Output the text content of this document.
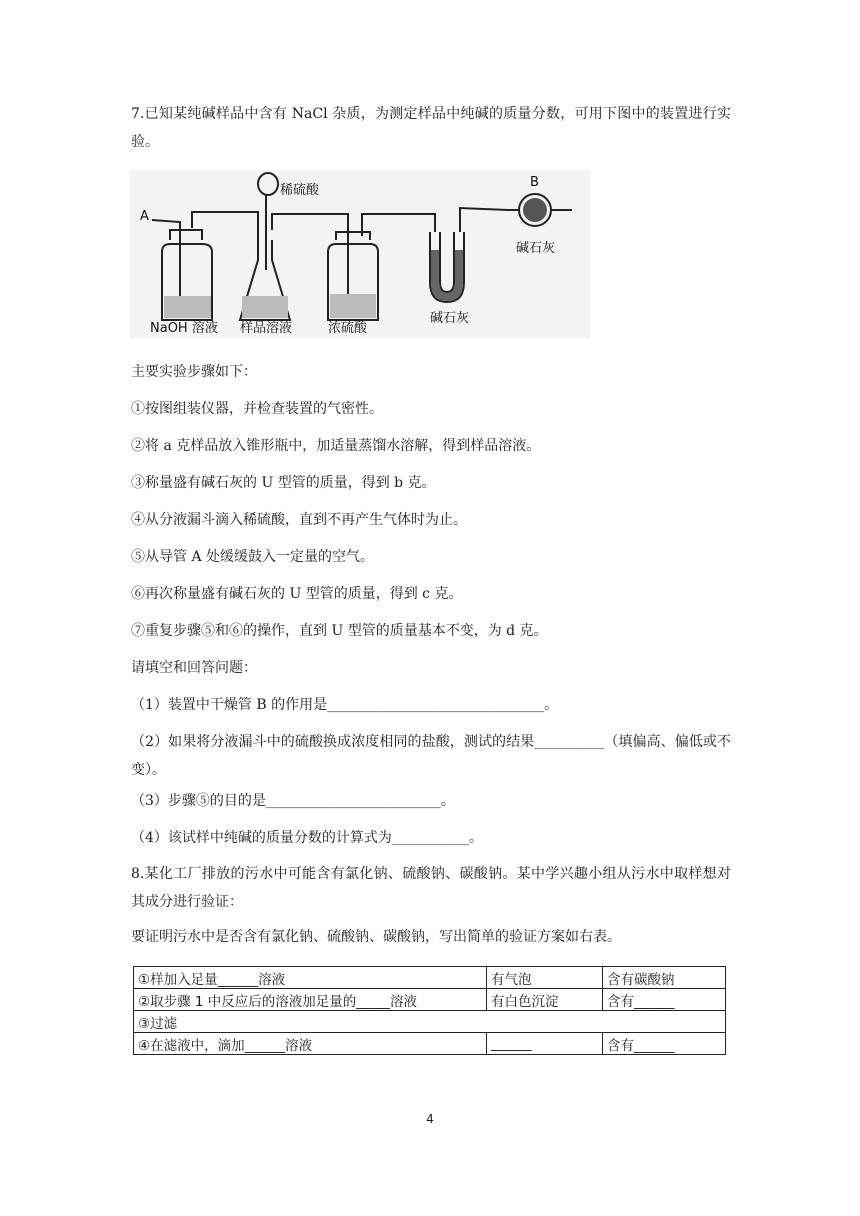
7.已知某纯碱样品中含有 NaCl 杂质，为测定样品中纯碱的质量分数，可用下图中的装置进行实验。

A
稀硫酸
B
碱石灰
NaOH 溶液 样品溶液	浓硫酸
碱石灰

主要实验步骤如下：

①按图组装仪器，并检查装置的气密性。

②将 a 克样品放入锥形瓶中，加适量蒸馏水溶解，得到样品溶液。

③称量盛有碱石灰的 U 型管的质量，得到 b 克。

④从分液漏斗滴入稀硫酸，直到不再产生气体时为止。

⑤从导管 A 处缓缓鼓入一定量的空气。

⑥再次称量盛有碱石灰的 U 型管的质量，得到 c 克。

⑦重复步骤⑤和⑥的操作，直到 U 型管的质量基本不变，为 d 克。

请填空和回答问题：

（1）装置中干燥管 B 的作用是_______________________________。

（2）如果将分液漏斗中的硫酸换成浓度相同的盐酸，测试的结果__________（填偏高、偏低或不变）。

（3）步骤⑤的目的是_________________________。

（4）该试样中纯碱的质量分数的计算式为___________。

8.某化工厂排放的污水中可能含有氯化钠、硫酸钠、碳酸钠。某中学兴趣小组从污水中取样想对其成分进行验证：

要证明污水中是否含有氯化钠、硫酸钠、碳酸钠，写出简单的验证方案如右表。

①样加入足量______溶液	有气泡	含有碳酸钠
②取步骤 1 中反应后的溶液加足量的_____溶液	有白色沉淀	含有______
③过滤		
④在滤液中，滴加______溶液	______	含有______
4
